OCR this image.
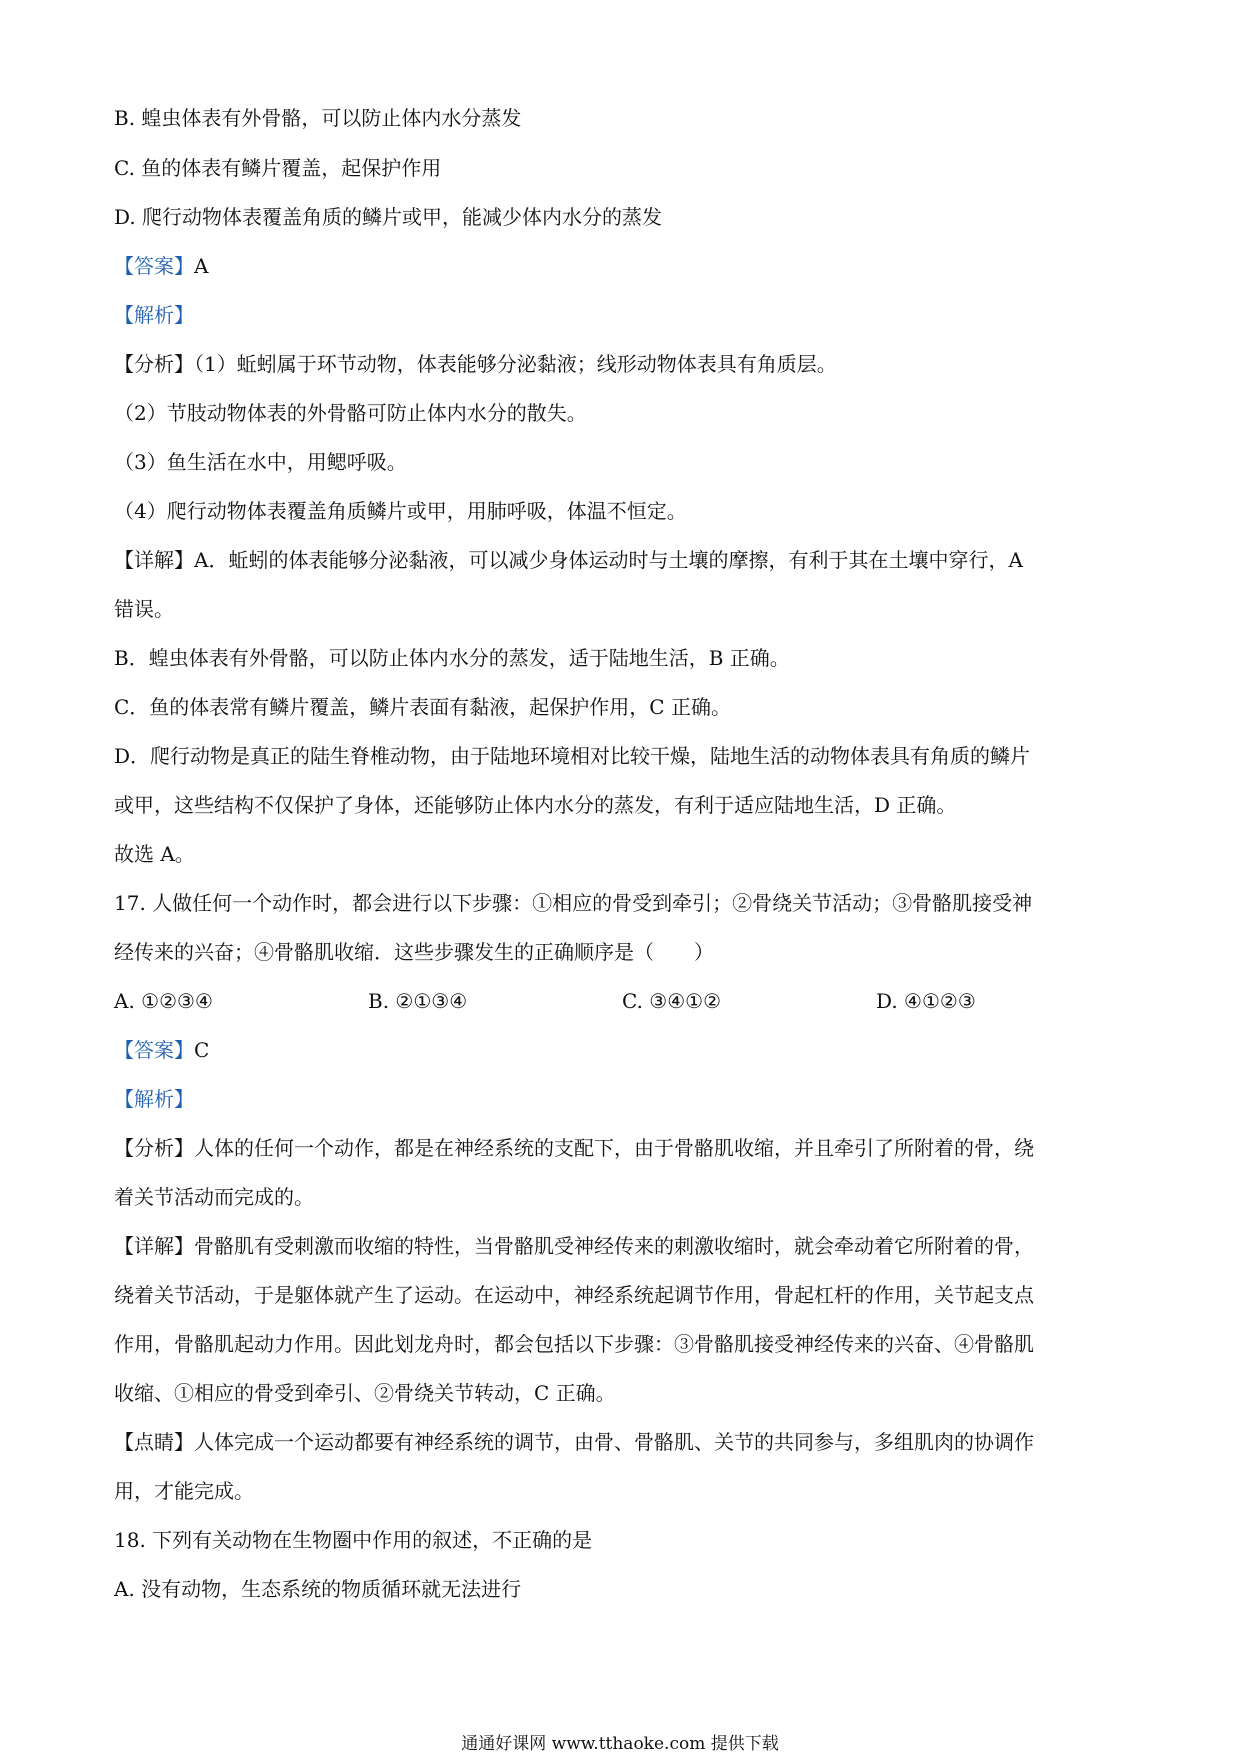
B. 蝗虫体表有外骨骼，可以防止体内水分蒸发
C. 鱼的体表有鳞片覆盖，起保护作用
D. 爬行动物体表覆盖角质的鳞片或甲，能减少体内水分的蒸发
【答案】A
【解析】
【分析】（1）蚯蚓属于环节动物，体表能够分泌黏液；线形动物体表具有角质层。
（2）节肢动物体表的外骨骼可防止体内水分的散失。
（3）鱼生活在水中，用鳃呼吸。
（4）爬行动物体表覆盖角质鳞片或甲，用肺呼吸，体温不恒定。
【详解】A．蚯蚓的体表能够分泌黏液，可以减少身体运动时与土壤的摩擦，有利于其在土壤中穿行，A
错误。
B．蝗虫体表有外骨骼，可以防止体内水分的蒸发，适于陆地生活，B 正确。
C．鱼的体表常有鳞片覆盖，鳞片表面有黏液，起保护作用，C 正确。
D．爬行动物是真正的陆生脊椎动物，由于陆地环境相对比较干燥，陆地生活的动物体表具有角质的鳞片
或甲，这些结构不仅保护了身体，还能够防止体内水分的蒸发，有利于适应陆地生活，D 正确。
故选 A。
17. 人做任何一个动作时，都会进行以下步骤：①相应的骨受到牵引；②骨绕关节活动；③骨骼肌接受神
经传来的兴奋；④骨骼肌收缩．这些步骤发生的正确顺序是（　　）
A. ①②③④	B. ②①③④	C. ③④①②	D. ④①②③
【答案】C
【解析】
【分析】人体的任何一个动作，都是在神经系统的支配下，由于骨骼肌收缩，并且牵引了所附着的骨，绕
着关节活动而完成的。
【详解】骨骼肌有受刺激而收缩的特性，当骨骼肌受神经传来的刺激收缩时，就会牵动着它所附着的骨，
绕着关节活动，于是躯体就产生了运动。在运动中，神经系统起调节作用，骨起杠杆的作用，关节起支点
作用，骨骼肌起动力作用。因此划龙舟时，都会包括以下步骤：③骨骼肌接受神经传来的兴奋、④骨骼肌
收缩、①相应的骨受到牵引、②骨绕关节转动，C 正确。
【点睛】人体完成一个运动都要有神经系统的调节，由骨、骨骼肌、关节的共同参与，多组肌肉的协调作
用，才能完成。
18. 下列有关动物在生物圈中作用的叙述，不正确的是
A. 没有动物，生态系统的物质循环就无法进行
通通好课网 www.tthaoke.com 提供下载
